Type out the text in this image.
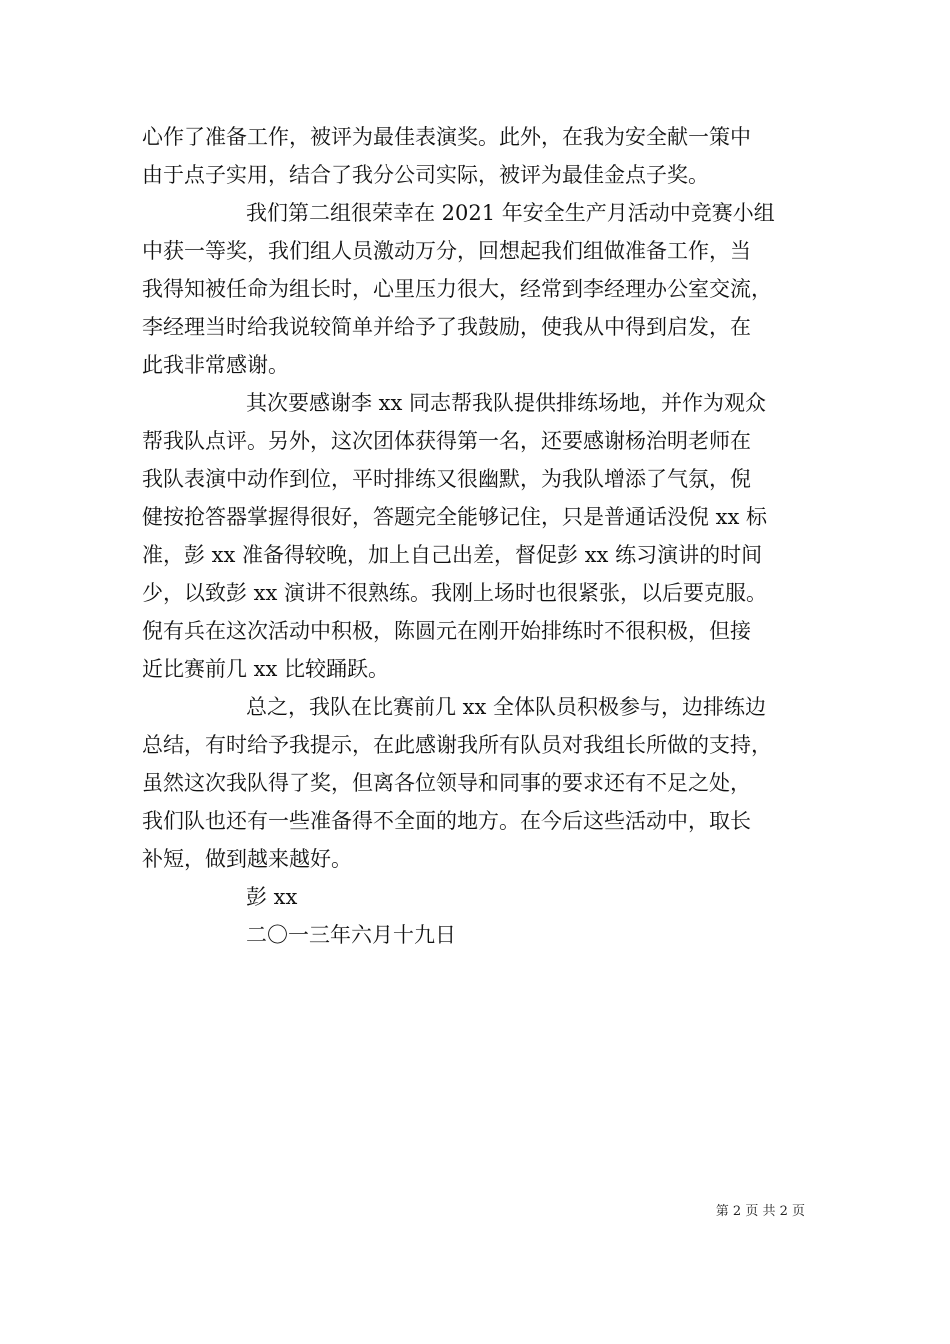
心作了准备工作，被评为最佳表演奖。此外，在我为安全献一策中
由于点子实用，结合了我分公司实际，被评为最佳金点子奖。
我们第二组很荣幸在 2021 年安全生产月活动中竞赛小组
中获一等奖，我们组人员激动万分，回想起我们组做准备工作，当
我得知被任命为组长时，心里压力很大，经常到李经理办公室交流，
李经理当时给我说较简单并给予了我鼓励，使我从中得到启发，在
此我非常感谢。
其次要感谢李 xx 同志帮我队提供排练场地，并作为观众
帮我队点评。另外，这次团体获得第一名，还要感谢杨治明老师在
我队表演中动作到位，平时排练又很幽默，为我队增添了气氛，倪
健按抢答器掌握得很好，答题完全能够记住，只是普通话没倪 xx 标
准，彭 xx 准备得较晚，加上自己出差，督促彭 xx 练习演讲的时间
少，以致彭 xx 演讲不很熟练。我刚上场时也很紧张，以后要克服。
倪有兵在这次活动中积极，陈圆元在刚开始排练时不很积极，但接
近比赛前几 xx 比较踊跃。
总之，我队在比赛前几 xx 全体队员积极参与，边排练边
总结，有时给予我提示，在此感谢我所有队员对我组长所做的支持，
虽然这次我队得了奖，但离各位领导和同事的要求还有不足之处，
我们队也还有一些准备得不全面的地方。在今后这些活动中，取长
补短，做到越来越好。
彭 xx
二〇一三年六月十九日
第 2 页 共 2 页
